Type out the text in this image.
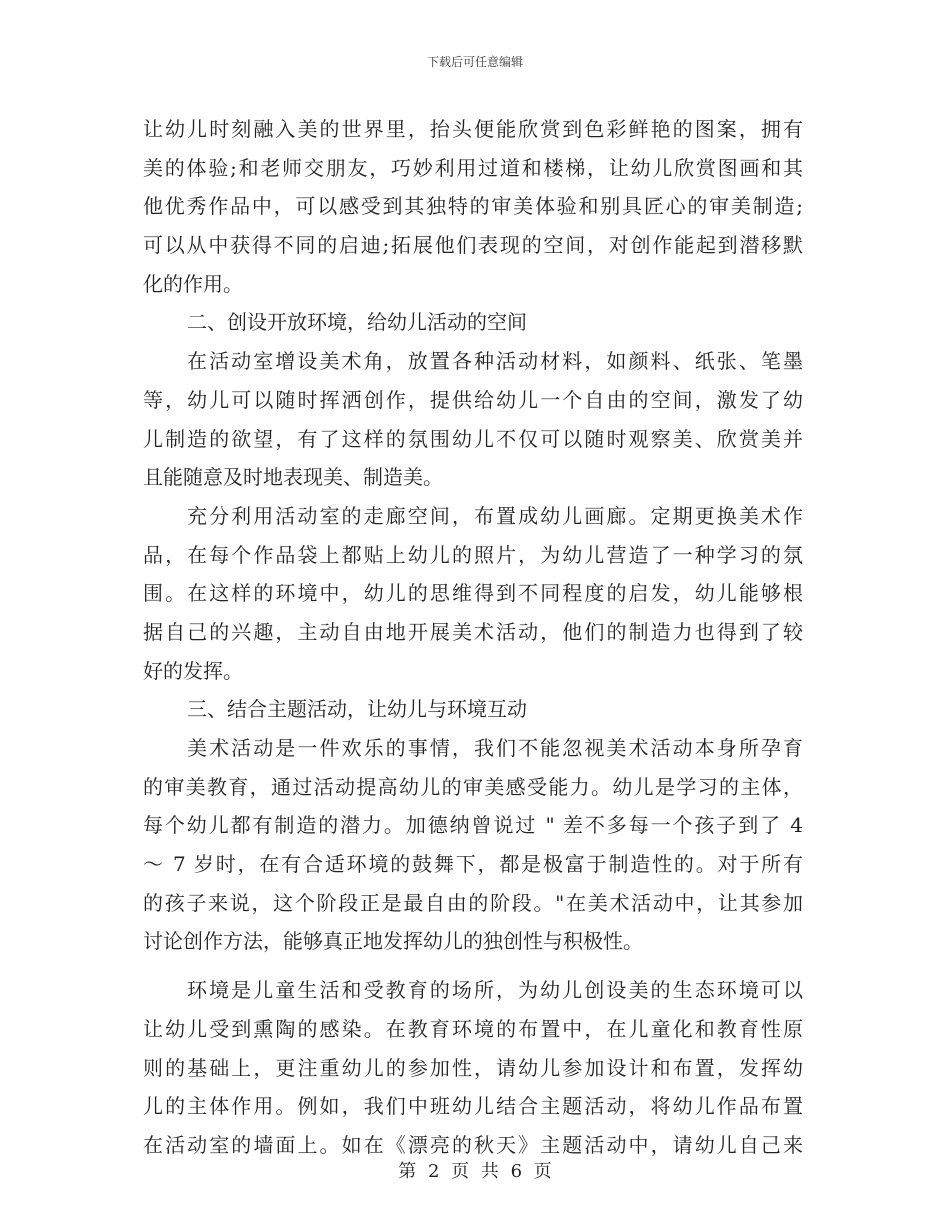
下载后可任意编辑
让幼儿时刻融入美的世界里，抬头便能欣赏到色彩鲜艳的图案，拥有
美的体验;和老师交朋友，巧妙利用过道和楼梯，让幼儿欣赏图画和其
他优秀作品中，可以感受到其独特的审美体验和别具匠心的审美制造;
可以从中获得不同的启迪;拓展他们表现的空间，对创作能起到潜移默
化的作用。
二、创设开放环境，给幼儿活动的空间
在活动室增设美术角，放置各种活动材料，如颜料、纸张、笔墨
等，幼儿可以随时挥洒创作，提供给幼儿一个自由的空间，激发了幼
儿制造的欲望，有了这样的氛围幼儿不仅可以随时观察美、欣赏美并
且能随意及时地表现美、制造美。
充分利用活动室的走廊空间，布置成幼儿画廊。定期更换美术作
品，在每个作品袋上都贴上幼儿的照片，为幼儿营造了一种学习的氛
围。在这样的环境中，幼儿的思维得到不同程度的启发，幼儿能够根
据自己的兴趣，主动自由地开展美术活动，他们的制造力也得到了较
好的发挥。
三、结合主题活动，让幼儿与环境互动
美术活动是一件欢乐的事情，我们不能忽视美术活动本身所孕育
的审美教育，通过活动提高幼儿的审美感受能力。幼儿是学习的主体，
每个幼儿都有制造的潜力。加德纳曾说过 " 差不多每一个孩子到了 4
～ 7 岁时，在有合适环境的鼓舞下，都是极富于制造性的。对于所有
的孩子来说，这个阶段正是最自由的阶段。"在美术活动中，让其参加
讨论创作方法，能够真正地发挥幼儿的独创性与积极性。
环境是儿童生活和受教育的场所，为幼儿创设美的生态环境可以
让幼儿受到熏陶的感染。在教育环境的布置中，在儿童化和教育性原
则的基础上，更注重幼儿的参加性，请幼儿参加设计和布置，发挥幼
儿的主体作用。例如，我们中班幼儿结合主题活动，将幼儿作品布置
在活动室的墙面上。如在《漂亮的秋天》主题活动中，请幼儿自己来
第 2 页 共 6 页
